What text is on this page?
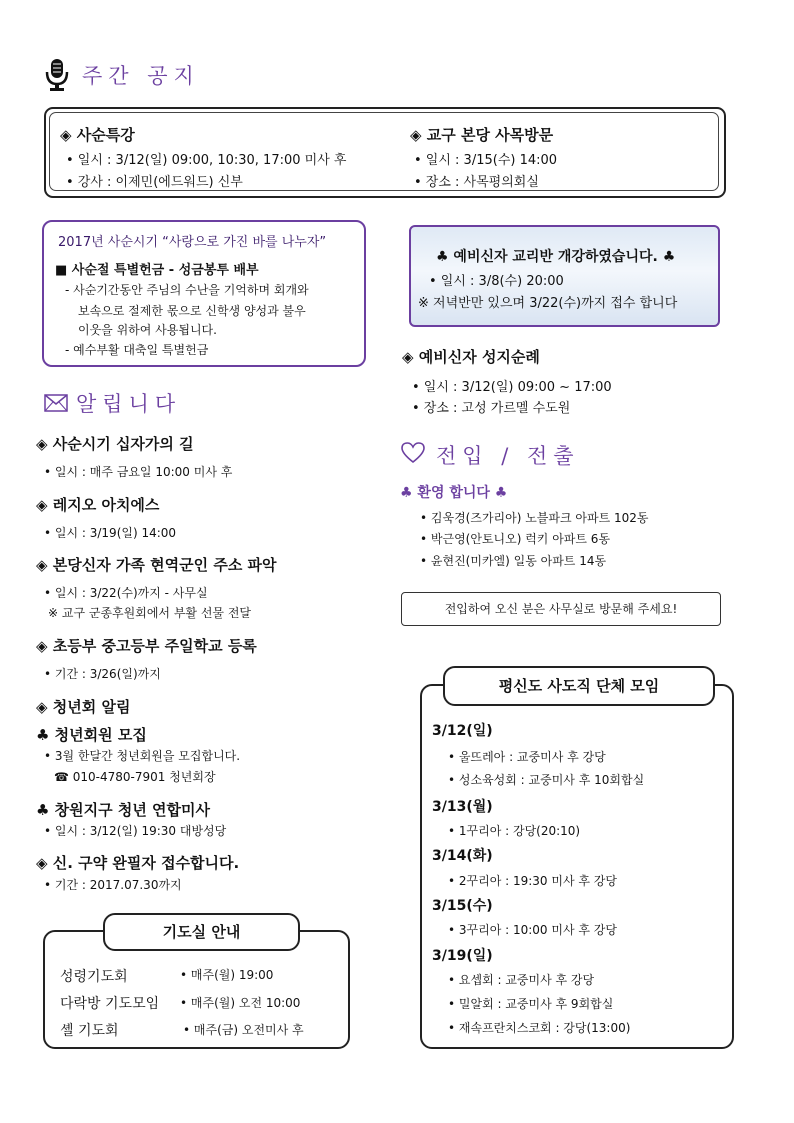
주간 공지
◈ 사순특강
• 일시 : 3/12(일) 09:00, 10:30, 17:00 미사 후
• 강사 : 이제민(에드워드) 신부
◈ 교구 본당 사목방문
• 일시 : 3/15(수) 14:00
• 장소 : 사목평의회실
2017년 사순시기 “사랑으로 가진 바를 나누자”
■ 사순절 특별헌금 - 성금봉투 배부
- 사순기간동안 주님의 수난을 기억하며 회개와
보속으로 절제한 몫으로 신학생 양성과 불우
이웃을 위하여 사용됩니다.
- 예수부활 대축일 특별헌금
♣ 예비신자 교리반 개강하였습니다. ♣
• 일시 : 3/8(수) 20:00
※ 저녁반만 있으며 3/22(수)까지 접수 합니다
◈ 예비신자 성지순례
• 일시 : 3/12(일) 09:00 ~ 17:00
• 장소 : 고성 가르멜 수도원
알립니다
◈ 사순시기 십자가의 길
• 일시 : 매주 금요일 10:00 미사 후
◈ 레지오 아치에스
• 일시 : 3/19(일) 14:00
◈ 본당신자 가족 현역군인 주소 파악
• 일시 : 3/22(수)까지 - 사무실
※ 교구 군종후원회에서 부활 선물 전달
◈ 초등부 중고등부 주일학교 등록
• 기간 : 3/26(일)까지
◈ 청년회 알림
♣ 청년회원 모집
• 3월 한달간 청년회원을 모집합니다.
☎ 010-4780-7901 청년회장
♣ 창원지구 청년 연합미사
• 일시 : 3/12(일) 19:30 대방성당
◈ 신. 구약 완필자 접수합니다.
• 기간 : 2017.07.30까지
전입 / 전출
♣ 환영 합니다 ♣
• 김욱경(즈가리아) 노블파크 아파트 102동
• 박근영(안토니오) 럭키 아파트 6동
• 윤현진(미카엘) 일동 아파트 14동
전입하여 오신 분은 사무실로 방문해 주세요!
기도실 안내
성령기도회	• 매주(월) 19:00
다락방 기도모임 • 매주(월) 오전 10:00
셸 기도회	• 매주(금) 오전미사 후
평신도 사도직 단체 모임
3/12(일)
• 울뜨레아 : 교중미사 후 강당
• 성소육성회 : 교중미사 후 10회합실
3/13(월)
• 1꾸리아 : 강당(20:10)
3/14(화)
• 2꾸리아 : 19:30 미사 후 강당
3/15(수)
• 3꾸리아 : 10:00 미사 후 강당
3/19(일)
• 요셉회 : 교중미사 후 강당
• 밀알회 : 교중미사 후 9회합실
• 재속프란치스코회 : 강당(13:00)
